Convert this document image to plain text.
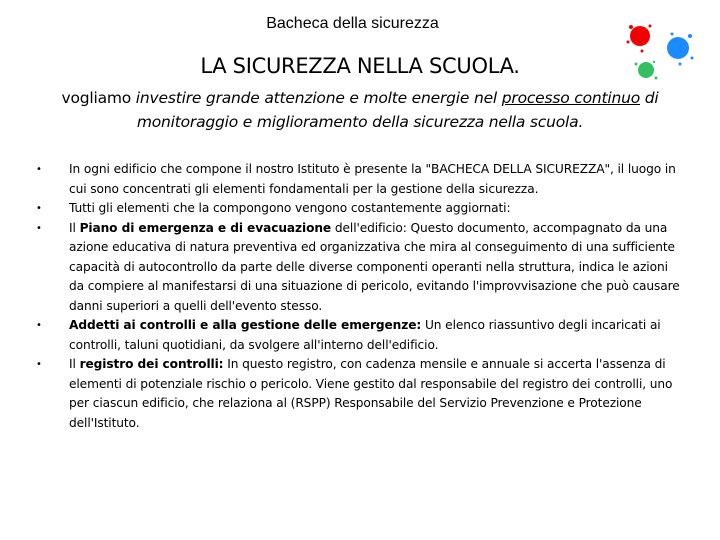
Bacheca della sicurezza
LA SICUREZZA NELLA SCUOLA.
vogliamo investire grande attenzione e molte energie nel processo continuo di monitoraggio e miglioramento della sicurezza nella scuola.
• In ogni edificio che compone il nostro Istituto è presente la "BACHECA DELLA SICUREZZA", il luogo in cui sono concentrati gli elementi fondamentali per la gestione della sicurezza.
• Tutti gli elementi che la compongono vengono costantemente aggiornati:
• Il Piano di emergenza e di evacuazione dell'edificio: Questo documento, accompagnato da una azione educativa di natura preventiva ed organizzativa che mira al conseguimento di una sufficiente capacità di autocontrollo da parte delle diverse componenti operanti nella struttura, indica le azioni da compiere al manifestarsi di una situazione di pericolo, evitando l'improvvisazione che può causare danni superiori a quelli dell'evento stesso.
• Addetti ai controlli e alla gestione delle emergenze: Un elenco riassuntivo degli incaricati ai controlli, taluni quotidiani, da svolgere all'interno dell'edificio.
• Il registro dei controlli: In questo registro, con cadenza mensile e annuale si accerta l'assenza di elementi di potenziale rischio o pericolo. Viene gestito dal responsabile del registro dei controlli, uno per ciascun edificio, che relaziona al (RSPP) Responsabile del Servizio Prevenzione e Protezione dell'Istituto.
